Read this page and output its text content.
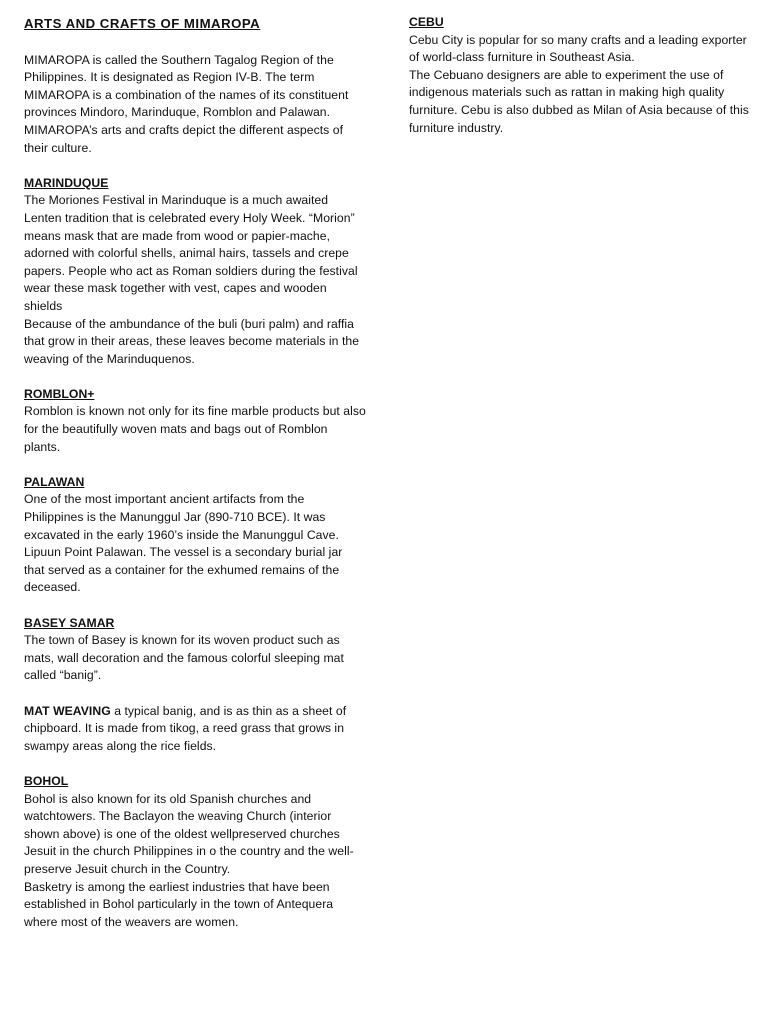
ARTS AND CRAFTS OF MIMAROPA
MIMAROPA is called the Southern Tagalog Region of the Philippines. It is designated as Region IV-B. The term MIMAROPA is a combination of the names of its constituent provinces Mindoro, Marinduque, Romblon and Palawan. MIMAROPA’s arts and crafts depict the different aspects of their culture.
MARINDUQUE
The Moriones Festival in Marinduque is a much awaited Lenten tradition that is celebrated every Holy Week. “Morion” means mask that are made from wood or papier-mache, adorned with colorful shells, animal hairs, tassels and crepe papers. People who act as Roman soldiers during the festival wear these mask together with vest, capes and wooden shields
Because of the ambundance of the buli (buri palm) and raffia that grow in their areas, these leaves become materials in the weaving of the Marinduquenos.
ROMBLON+
Romblon is known not only for its fine marble products but also for the beautifully woven mats and bags out of Romblon plants.
PALAWAN
One of the most important ancient artifacts from the Philippines is the Manunggul Jar (890-710 BCE). It was excavated in the early 1960’s inside the Manunggul Cave. Lipuun Point Palawan. The vessel is a secondary burial jar that served as a container for the exhumed remains of the deceased.
BASEY SAMAR
The town of Basey is known for its woven product such as mats, wall decoration and the famous colorful sleeping mat called “banig”.
MAT WEAVING a typical banig, and is as thin as a sheet of chipboard. It is made from tikog, a reed grass that grows in swampy areas along the rice fields.
BOHOL
Bohol is also known for its old Spanish churches and watchtowers. The Baclayon the weaving Church (interior shown above) is one of the oldest wellpreserved churches Jesuit in the church Philippines in o the country and the well- preserve Jesuit church in the Country.
Basketry is among the earliest industries that have been established in Bohol particularly in the town of Antequera where most of the weavers are women.
CEBU
Cebu City is popular for so many crafts and a leading exporter of world-class furniture in Southeast Asia.
The Cebuano designers are able to experiment the use of indigenous materials such as rattan in making high quality furniture. Cebu is also dubbed as Milan of Asia because of this furniture industry.
